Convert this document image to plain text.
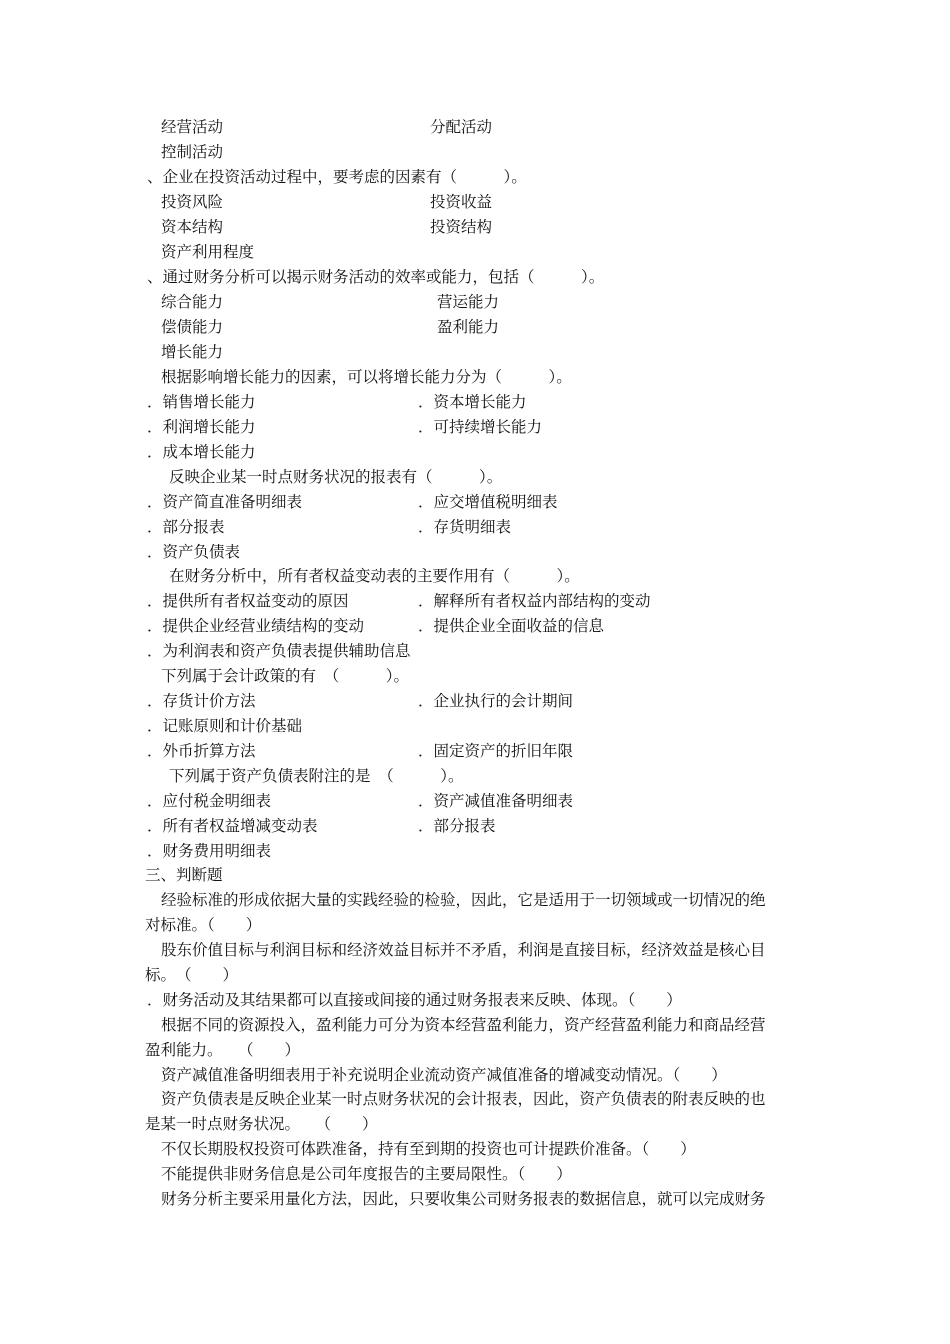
经营活动	分配活动

控制活动

、企业在投资活动过程中，要考虑的因素有（　　　）。

投资风险	投资收益

资本结构	投资结构

资产利用程度

、通过财务分析可以揭示财务活动的效率或能力，包括（　　　）。

综合能力	营运能力

偿债能力	盈利能力

增长能力

根据影响增长能力的因素，可以将增长能力分为（　　　）。

．销售增长能力	．资本增长能力

．利润增长能力	．可持续增长能力

．成本增长能力

反映企业某一时点财务状况的报表有（　　　）。

．资产简直准备明细表	．应交增值税明细表

．部分报表	．存货明细表

．资产负债表

在财务分析中，所有者权益变动表的主要作用有（　　　）。

．提供所有者权益变动的原因	．解释所有者权益内部结构的变动

．提供企业经营业绩结构的变动	．提供企业全面收益的信息

．为利润表和资产负债表提供辅助信息

下列属于会计政策的有　（　　　）。

．存货计价方法	．企业执行的会计期间

．记账原则和计价基础

．外币折算方法	．固定资产的折旧年限

下列属于资产负债表附注的是　（　　　）。

．应付税金明细表	．资产减值准备明细表

．所有者权益增减变动表	．部分报表

．财务费用明细表

三、判断题

经验标准的形成依据大量的实践经验的检验，因此，它是适用于一切领域或一切情况的绝

对标准。（　　）

股东价值目标与利润目标和经济效益目标并不矛盾，利润是直接目标，经济效益是核心目

标。　（　　）

．财务活动及其结果都可以直接或间接的通过财务报表来反映、体现。（　　）

根据不同的资源投入，盈利能力可分为资本经营盈利能力，资产经营盈利能力和商品经营

盈利能力。　　（　　）

资产减值准备明细表用于补充说明企业流动资产减值准备的增减变动情况。（　　）

资产负债表是反映企业某一时点财务状况的会计报表，因此，资产负债表的附表反映的也

是某一时点财务状况。　　（　　）

不仅长期股权投资可体跌准备，持有至到期的投资也可计提跌价准备。（　　）

不能提供非财务信息是公司年度报告的主要局限性。（　　）

财务分析主要采用量化方法，因此，只要收集公司财务报表的数据信息，就可以完成财务
